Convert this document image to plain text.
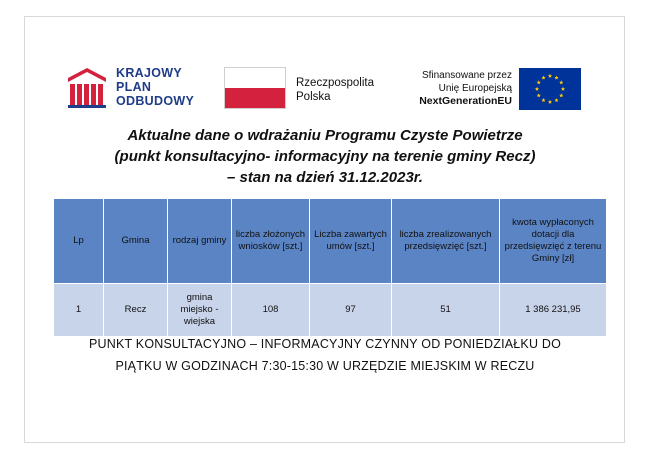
KRAJOWY
PLAN
ODBUDOWY
Rzeczpospolita
Polska
Sfinansowane przez
Unię Europejską
NextGenerationEU
Aktualne dane o wdrażaniu Programu Czyste Powietrze
(punkt konsultacyjno- informacyjny na terenie gminy Recz)
– stan na dzień 31.12.2023r.
Lp	Gmina	rodzaj gminy	liczba złożonych wniosków [szt.]	Liczba zawartych umów [szt.]	liczba zrealizowanych przedsięwzięć [szt.]	kwota wypłaconych dotacji dla przedsięwzięć z terenu Gminy [zł]
1	Recz	gmina miejsko - wiejska	108	97	51	1 386 231,95
PUNKT KONSULTACYJNO – INFORMACYJNY CZYNNY OD PONIEDZIAŁKU DO
PIĄTKU W GODZINACH 7:30-15:30 W URZĘDZIE MIEJSKIM W RECZU
